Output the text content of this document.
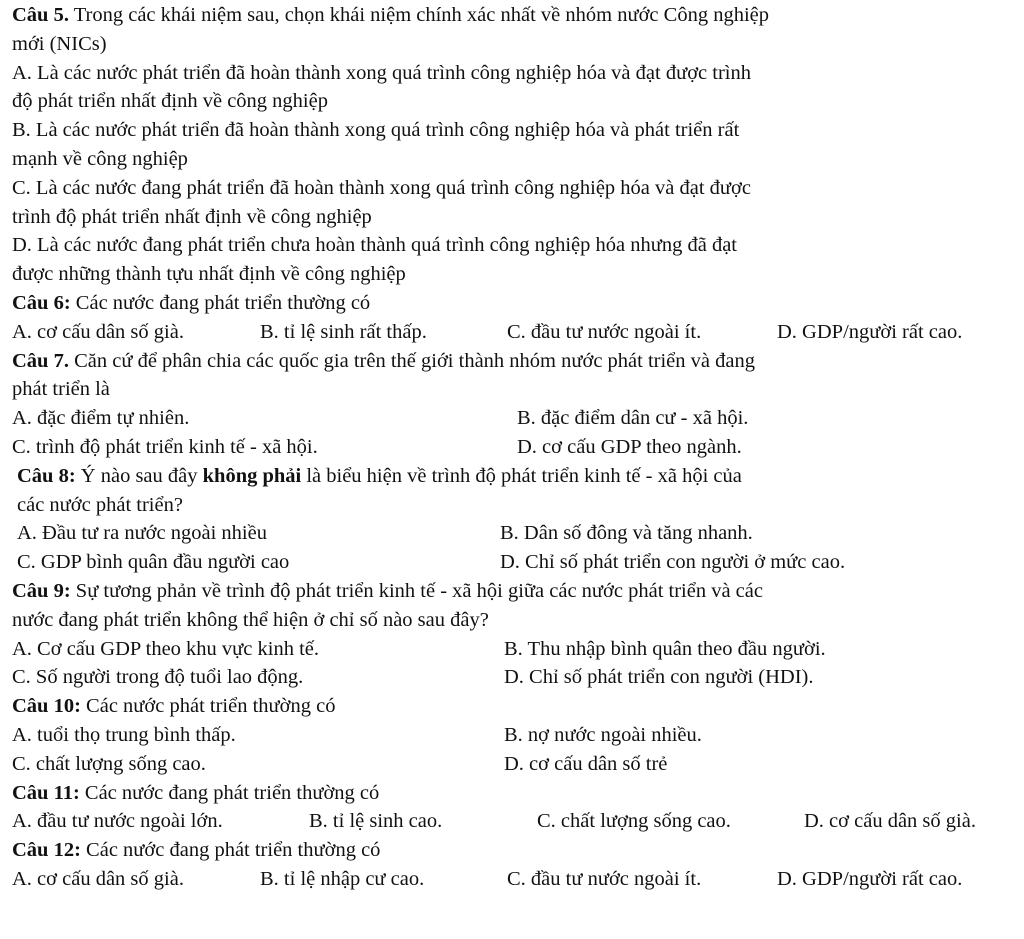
Câu 5. Trong các khái niệm sau, chọn khái niệm chính xác nhất về nhóm nước Công nghiệp
mới (NICs)
A. Là các nước phát triển đã hoàn thành xong quá trình công nghiệp hóa và đạt được trình
độ phát triển nhất định về công nghiệp
B. Là các nước phát triển đã hoàn thành xong quá trình công nghiệp hóa và phát triển rất
mạnh về công nghiệp
C. Là các nước đang phát triển đã hoàn thành xong quá trình công nghiệp hóa và đạt được
trình độ phát triển nhất định về công nghiệp
D. Là các nước đang phát triển chưa hoàn thành quá trình công nghiệp hóa nhưng đã đạt
được những thành tựu nhất định về công nghiệp
Câu 6: Các nước đang phát triển thường có
A. cơ cấu dân số già.	B. tỉ lệ sinh rất thấp.	C. đầu tư nước ngoài ít.	D. GDP/người rất cao.
Câu 7. Căn cứ để phân chia các quốc gia trên thế giới thành nhóm nước phát triển và đang
phát triển là
A. đặc điểm tự nhiên.	B. đặc điểm dân cư - xã hội.
C. trình độ phát triển kinh tế - xã hội.	D. cơ cấu GDP theo ngành.
Câu 8: Ý nào sau đây không phải là biểu hiện về trình độ phát triển kinh tế - xã hội của
các nước phát triển?
A. Đầu tư ra nước ngoài nhiều	B. Dân số đông và tăng nhanh.
C. GDP bình quân đầu người cao	D. Chỉ số phát triển con người ở mức cao.
Câu 9: Sự tương phản về trình độ phát triển kinh tế - xã hội giữa các nước phát triển và các
nước đang phát triển không thể hiện ở chỉ số nào sau đây?
A. Cơ cấu GDP theo khu vực kinh tế.	B. Thu nhập bình quân theo đầu người.
C. Số người trong độ tuổi lao động.	D. Chỉ số phát triển con người (HDI).
Câu 10: Các nước phát triển thường có
A. tuổi thọ trung bình thấp.	B. nợ nước ngoài nhiều.
C. chất lượng sống cao.	D. cơ cấu dân số trẻ
Câu 11: Các nước đang phát triển thường có
A. đầu tư nước ngoài lớn.	B. tỉ lệ sinh cao.	C. chất lượng sống cao.	D. cơ cấu dân số già.
Câu 12: Các nước đang phát triển thường có
A. cơ cấu dân số già.	B. tỉ lệ nhập cư cao.	C. đầu tư nước ngoài ít.	D. GDP/người rất cao.
